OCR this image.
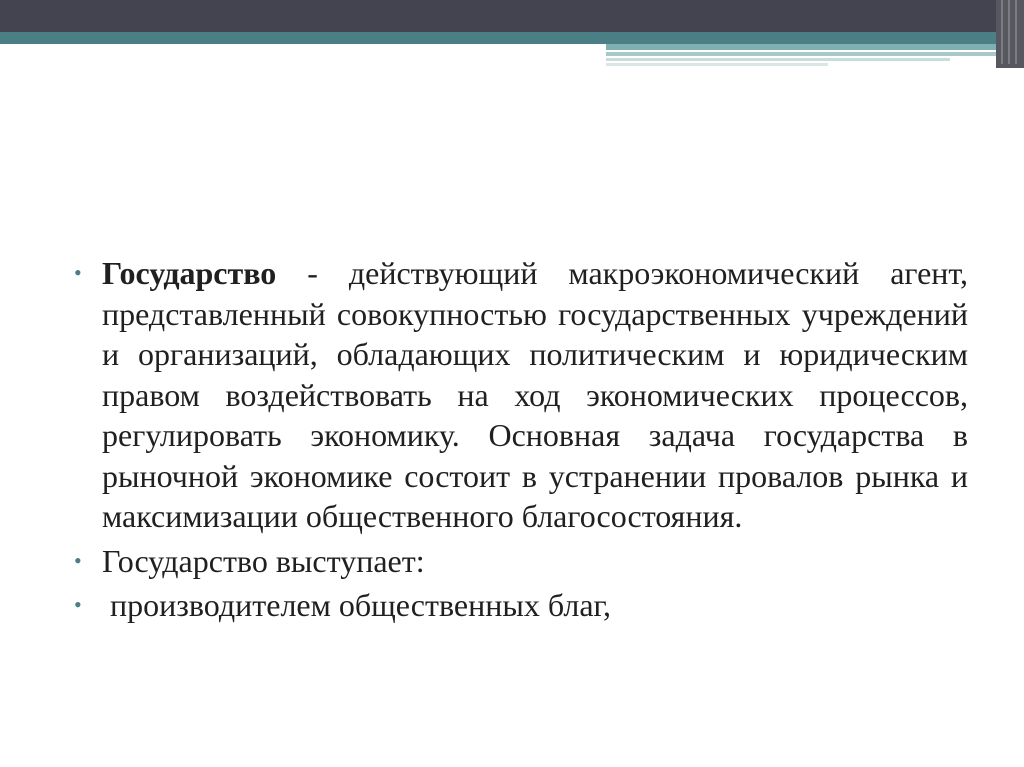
• Государство - действующий макроэкономический агент, представленный совокупностью государственных учреждений и организаций, обладающих политическим и юридическим правом воздействовать на ход экономических процессов, регулировать экономику. Основная задача государства в рыночной экономике состоит в устранении провалов рынка и максимизации общественного благосостояния.
• Государство выступает:
• производителем общественных благ,
